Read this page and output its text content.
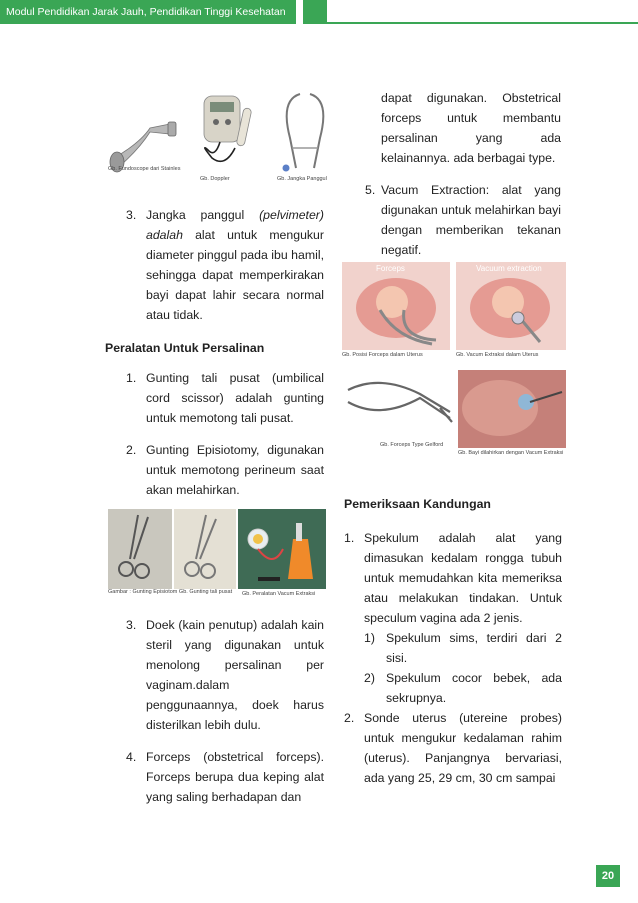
Modul Pendidikan Jarak Jauh, Pendidikan Tinggi Kesehatan
Gb. Fundoscope dari Stainles
Gb. Doppler	Gb. Jangka Panggul
3. Jangka panggul (pelvimeter) adalah alat untuk mengukur diameter pinggul pada ibu hamil, sehingga dapat memperkirakan bayi dapat lahir secara normal atau tidak.
Peralatan Untuk Persalinan
1. Gunting tali pusat (umbilical cord scissor) adalah gunting untuk memotong tali pusat.
2. Gunting Episiotomy, digunakan untuk memotong perineum saat akan melahirkan.
Gambar : Gunting Episiotom Gb. Gunting tali pusat Gb. Peralatan Vacum Extraksi
3. Doek (kain penutup) adalah kain steril yang digunakan untuk menolong persalinan per vaginam.dalam penggunaannya, doek harus disterilkan lebih dulu.
4. Forceps (obstetrical forceps). Forceps berupa dua keping alat yang saling berhadapan dan
dapat digunakan. Obstetrical forceps untuk membantu persalinan yang ada kelainannya. ada berbagai type.
5. Vacum Extraction: alat yang digunakan untuk melahirkan bayi dengan memberikan tekanan negatif.
Forceps	Vacuum extraction
Gb. Posisi Forceps dalam Uterus	Gb. Vacum Extraksi dalam Uterus
Gb. Forceps Type Gelford
Gb. Bayi dilahirkan dengan Vacum Extraksi
Pemeriksaan Kandungan
1. Spekulum adalah alat yang dimasukan kedalam rongga tubuh untuk memudahkan kita memeriksa atau melakukan tindakan. Untuk speculum vagina ada 2 jenis.
1) Spekulum sims, terdiri dari 2 sisi.
2) Spekulum cocor bebek, ada sekrupnya.
2. Sonde uterus (utereine probes) untuk mengukur kedalaman rahim (uterus). Panjangnya bervariasi, ada yang 25, 29 cm, 30 cm sampai
20
